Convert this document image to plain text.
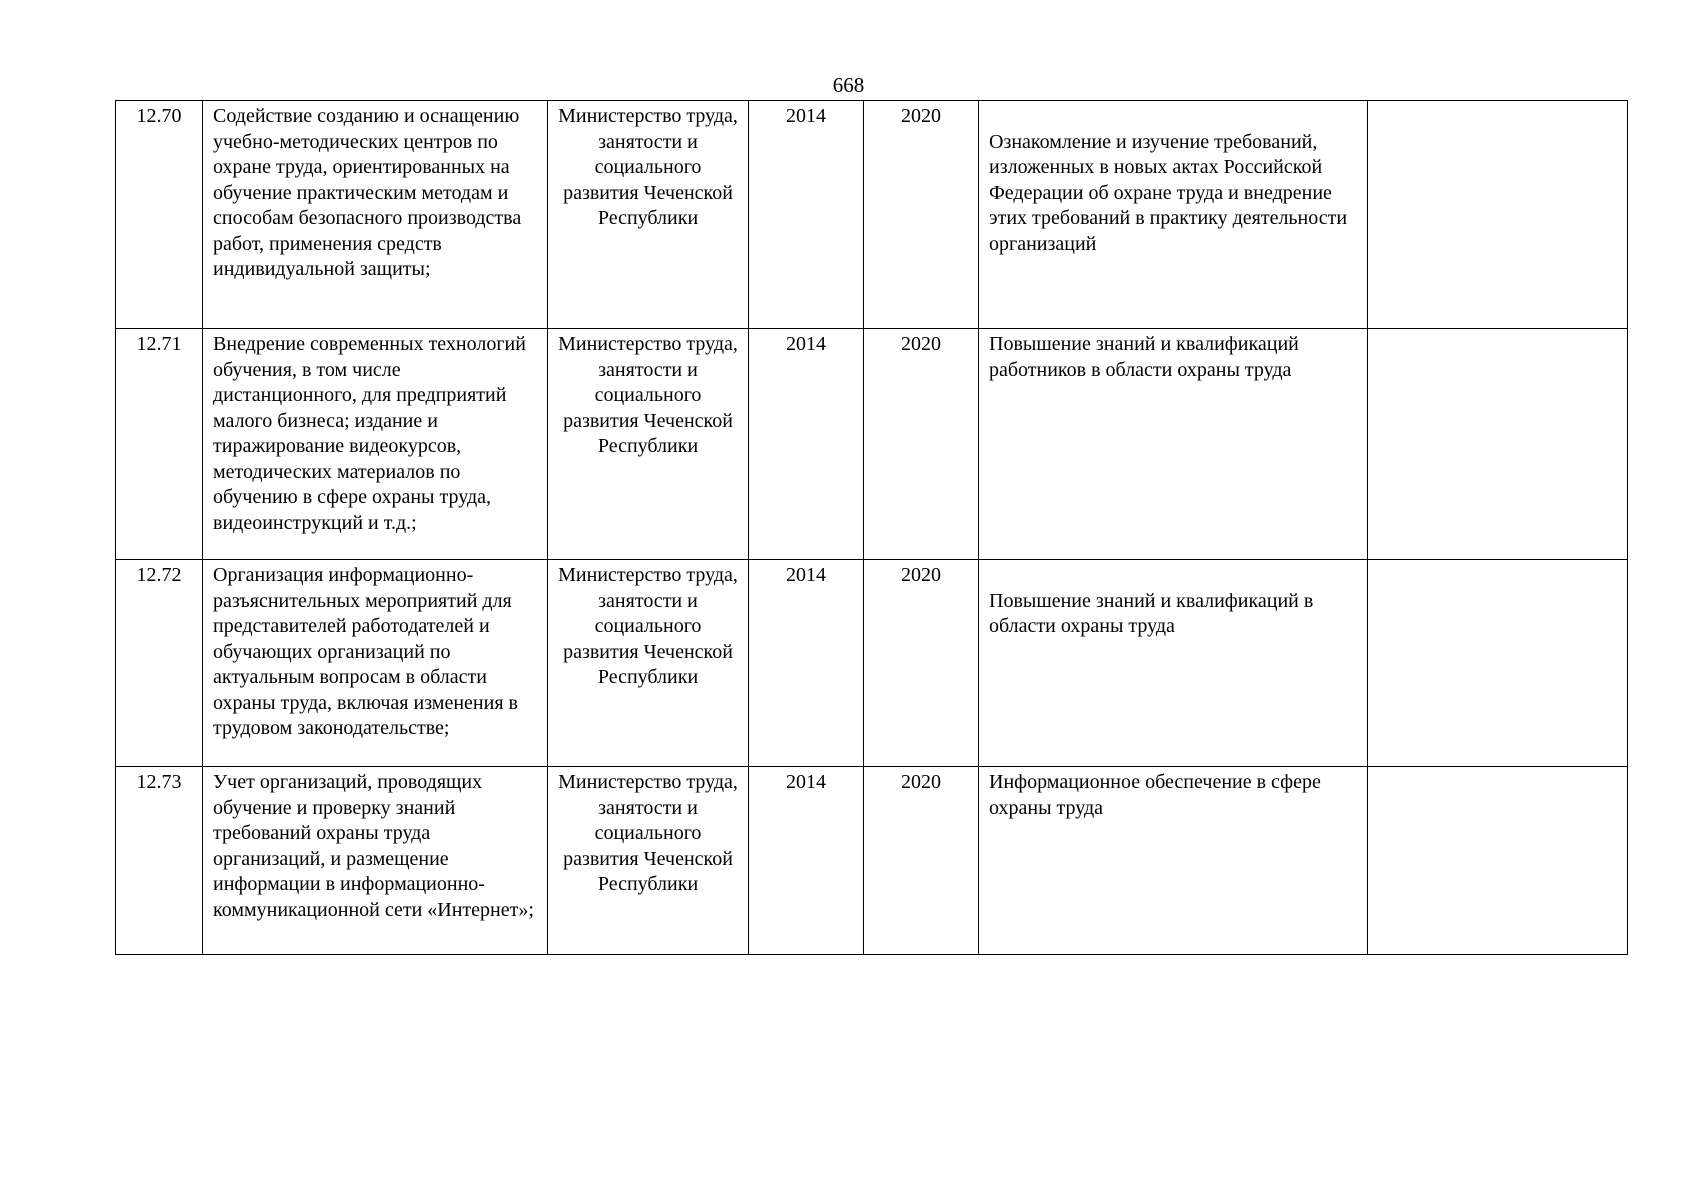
668
12.70	Содействие созданию и оснащению учебно-методических центров по охране труда, ориентированных на обучение практическим методам и способам безопасного производства работ, применения средств индивидуальной защиты;	Министерство труда, занятости и социального развития Чеченской Республики	2014	2020	Ознакомление и изучение требований, изложенных в новых актах Российской Федерации об охране труда и внедрение этих требований в практику деятельности организаций	
12.71	Внедрение современных технологий обучения, в том числе дистанционного, для предприятий малого бизнеса; издание и тиражирование видеокурсов, методических материалов по обучению в сфере охраны труда, видеоинструкций и т.д.;	Министерство труда, занятости и социального развития Чеченской Республики	2014	2020	Повышение знаний и квалификаций работников в области охраны труда	
12.72	Организация информационно-разъяснительных мероприятий для представителей работодателей и обучающих организаций по актуальным вопросам в области охраны труда, включая изменения в трудовом законодательстве;	Министерство труда, занятости и социального развития Чеченской Республики	2014	2020	Повышение знаний и квалификаций в области охраны труда	
12.73	Учет организаций, проводящих обучение и проверку знаний требований охраны труда организаций, и размещение информации в информационно-коммуникационной сети «Интернет»;	Министерство труда, занятости и социального развития Чеченской Республики	2014	2020	Информационное обеспечение в сфере охраны труда	
